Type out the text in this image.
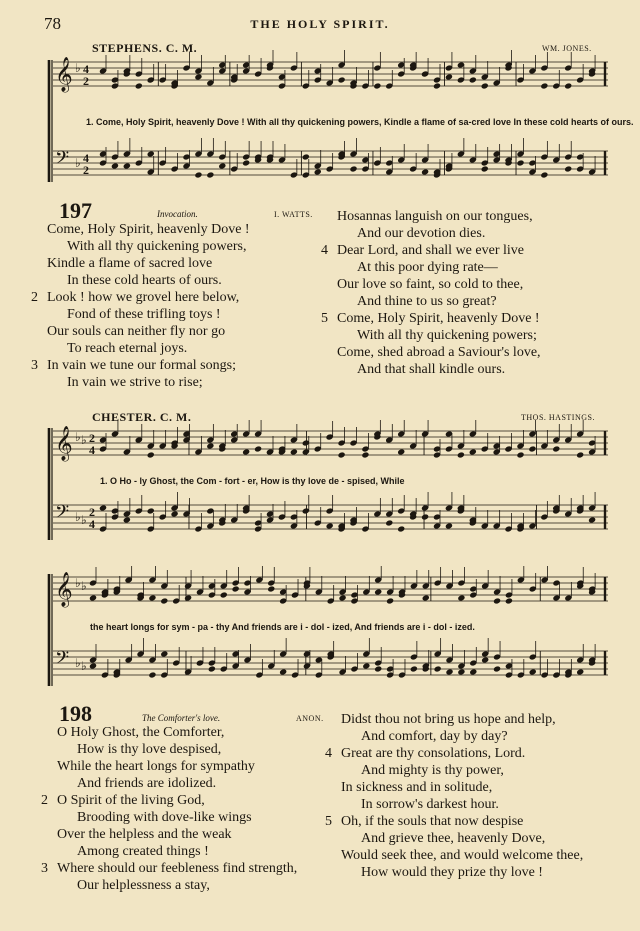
78	THE HOLY SPIRIT.
STEPHENS. C. M.	WM. JONES.
𝄞 ♭ 4
2
𝄢 ♭ 4
2
1. Come, Holy Spirit, heavenly Dove ! With all thy quickening powers, Kindle a flame of sa-cred love In these cold hearts of ours.
197	Invocation.	I. WATTS.
Come, Holy Spirit, heavenly Dove !
With all thy quickening powers,
Kindle a flame of sacred love
In these cold hearts of ours.
2 Look ! how we grovel here below,
Fond of these trifling toys !
Our souls can neither fly nor go
To reach eternal joys.
3 In vain we tune our formal songs;
In vain we strive to rise;
Hosannas languish on our tongues,
And our devotion dies.
4 Dear Lord, and shall we ever live
At this poor dying rate—
Our love so faint, so cold to thee,
And thine to us so great?
5 Come, Holy Spirit, heavenly Dove !
With all thy quickening powers;
Come, shed abroad a Saviour's love,
And that shall kindle ours.
CHESTER. C. M.	THOS. HASTINGS.
𝄞 ♭ ♭ 2
4
𝄢 ♭ ♭
2
4
1. O Ho - ly Ghost, the Com - fort - er, How is thy love de - spised, While
𝄞 ♭ ♭
𝄢 ♭ ♭
the heart longs for sym - pa - thy And friends are i - dol - ized, And friends are i - dol - ized.
198	The Comforter's love.	ANON.
O Holy Ghost, the Comforter,
How is thy love despised,
While the heart longs for sympathy
And friends are idolized.
2 O Spirit of the living God,
Brooding with dove-like wings
Over the helpless and the weak
Among created things !
3 Where should our feebleness find strength,
Our helplessness a stay,
Didst thou not bring us hope and help,
And comfort, day by day?
4 Great are thy consolations, Lord.
And mighty is thy power,
In sickness and in solitude,
In sorrow's darkest hour.
5 Oh, if the souls that now despise
And grieve thee, heavenly Dove,
Would seek thee, and would welcome thee,
How would they prize thy love !
